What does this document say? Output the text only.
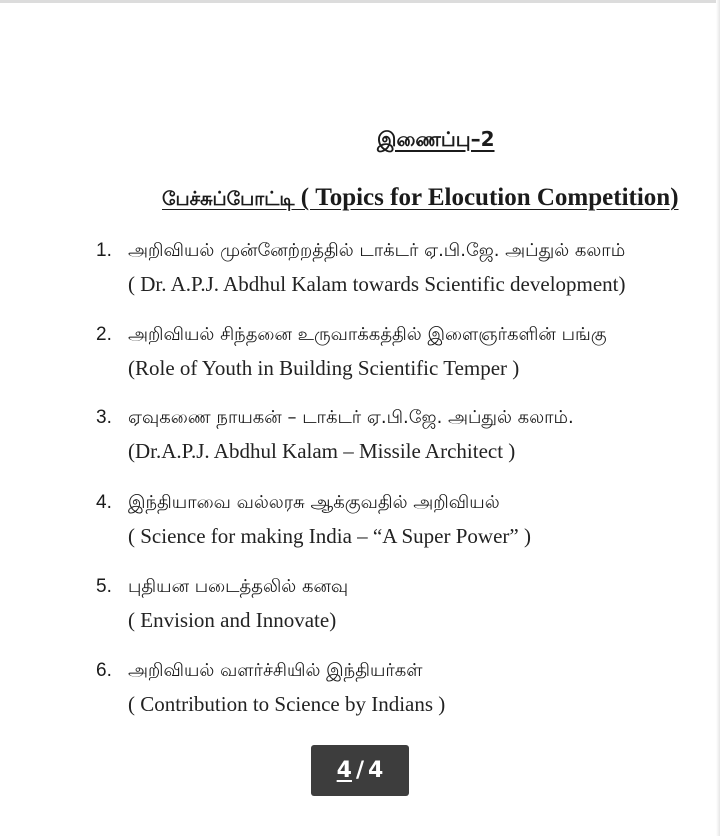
இணைப்பு–2
பேச்சுப்போட்டி ( Topics for Elocution Competition)
1. அறிவியல் முன்னேற்றத்தில் டாக்டர் ஏ.பி.ஜே. அப்துல் கலாம்
( Dr. A.P.J. Abdhul Kalam towards Scientific development)
2. அறிவியல் சிந்தனை உருவாக்கத்தில் இளைஞர்களின் பங்கு
(Role of Youth in Building Scientific Temper )
3. ஏவுகணை நாயகன் – டாக்டர் ஏ.பி.ஜே. அப்துல் கலாம்.
(Dr.A.P.J. Abdhul Kalam – Missile Architect )
4. இந்தியாவை வல்லரசு ஆக்குவதில் அறிவியல்
( Science for making India – “A Super Power” )
5. புதியன படைத்தலில் கனவு
( Envision and Innovate)
6. அறிவியல் வளர்ச்சியில் இந்தியர்கள்
( Contribution to Science by Indians )
4 / 4
